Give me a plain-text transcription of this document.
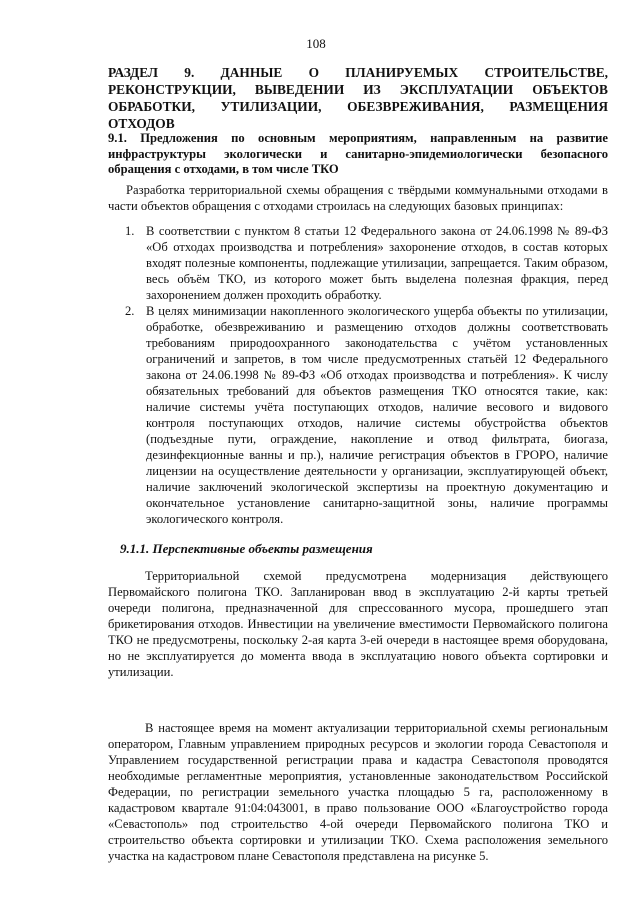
108
РАЗДЕЛ 9. ДАННЫЕ О ПЛАНИРУЕМЫХ СТРОИТЕЛЬСТВЕ, РЕКОНСТРУКЦИИ, ВЫВЕДЕНИИ ИЗ ЭКСПЛУАТАЦИИ ОБЪЕКТОВ ОБРАБОТКИ, УТИЛИЗАЦИИ, ОБЕЗВРЕЖИВАНИЯ, РАЗМЕЩЕНИЯ ОТХОДОВ
9.1. Предложения по основным мероприятиям, направленным на развитие инфраструктуры экологически и санитарно-эпидемиологически безопасного обращения с отходами, в том числе ТКО

Разработка территориальной схемы обращения с твёрдыми коммунальными отходами в части объектов обращения с отходами строилась на следующих базовых принципах:

1. В соответствии с пунктом 8 статьи 12 Федерального закона от 24.06.1998 № 89-ФЗ «Об отходах производства и потребления» захоронение отходов, в состав которых входят полезные компоненты, подлежащие утилизации, запрещается. Таким образом, весь объём ТКО, из которого может быть выделена полезная фракция, перед захоронением должен проходить обработку.
2. В целях минимизации накопленного экологического ущерба объекты по утилизации, обработке, обезвреживанию и размещению отходов должны соответствовать требованиям природоохранного законодательства с учётом установленных ограничений и запретов, в том числе предусмотренных статьёй 12 Федерального закона от 24.06.1998 № 89-ФЗ «Об отходах производства и потребления». К числу обязательных требований для объектов размещения ТКО относятся такие, как: наличие системы учёта поступающих отходов, наличие весового и видового контроля поступающих отходов, наличие системы обустройства объектов (подъездные пути, ограждение, накопление и отвод фильтрата, биогаза, дезинфекционные ванны и пр.), наличие регистрация объектов в ГРОРО, наличие лицензии на осуществление деятельности у организации, эксплуатирующей объект, наличие заключений экологической экспертизы на проектную документацию и окончательное установление санитарно-защитной зоны, наличие программы экологического контроля.
9.1.1. Перспективные объекты размещения

Территориальной схемой предусмотрена модернизация действующего Первомайского полигона ТКО. Запланирован ввод в эксплуатацию 2-й карты третьей очереди полигона, предназначенной для спрессованного мусора, прошедшего этап брикетирования отходов. Инвестиции на увеличение вместимости Первомайского полигона ТКО не предусмотрены, поскольку 2-ая карта 3-ей очереди в настоящее время оборудована, но не эксплуатируется до момента ввода в эксплуатацию нового объекта сортировки и утилизации.

В настоящее время на момент актуализации территориальной схемы региональным оператором, Главным управлением природных ресурсов и экологии города Севастополя и Управлением государственной регистрации права и кадастра Севастополя проводятся необходимые регламентные мероприятия, установленные законодательством Российской Федерации, по регистрации земельного участка площадью 5 га, расположенному в кадастровом квартале 91:04:043001, в право пользование ООО «Благоустройство города «Севастополь» под строительство 4-ой очереди Первомайского полигона ТКО и строительство объекта сортировки и утилизации ТКО. Схема расположения земельного участка на кадастровом плане Севастополя представлена на рисунке 5.
